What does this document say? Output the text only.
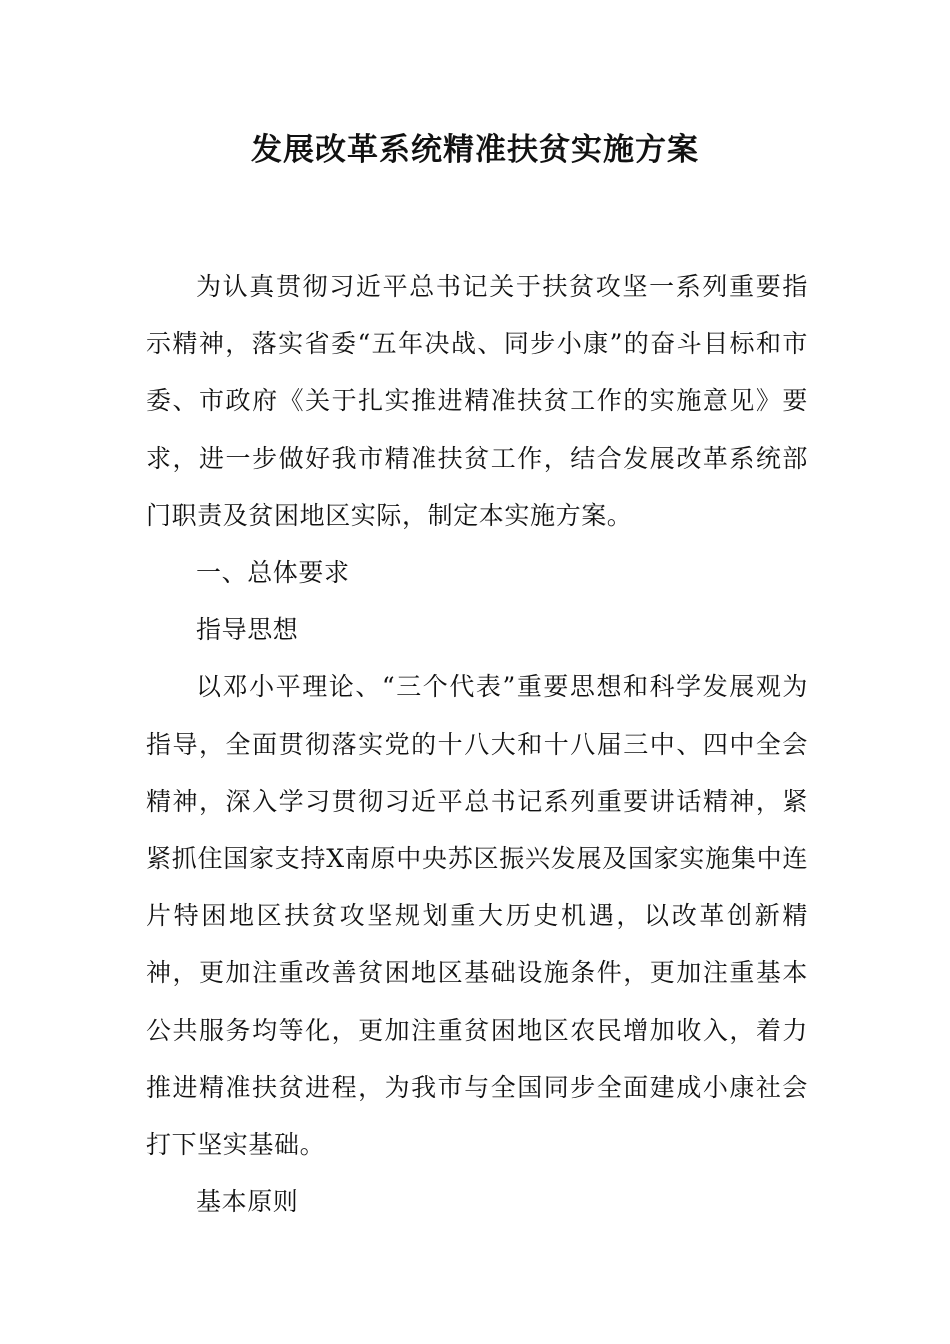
发展改革系统精准扶贫实施方案

为认真贯彻习近平总书记关于扶贫攻坚一系列重要指示精神，落实省委“五年决战、同步小康”的奋斗目标和市委、市政府《关于扎实推进精准扶贫工作的实施意见》要求，进一步做好我市精准扶贫工作，结合发展改革系统部门职责及贫困地区实际，制定本实施方案。

一、总体要求

指导思想

以邓小平理论、“三个代表”重要思想和科学发展观为指导，全面贯彻落实党的十八大和十八届三中、四中全会精神，深入学习贯彻习近平总书记系列重要讲话精神，紧紧抓住国家支持X南原中央苏区振兴发展及国家实施集中连片特困地区扶贫攻坚规划重大历史机遇，以改革创新精神，更加注重改善贫困地区基础设施条件，更加注重基本公共服务均等化，更加注重贫困地区农民增加收入，着力推进精准扶贫进程，为我市与全国同步全面建成小康社会打下坚实基础。

基本原则
